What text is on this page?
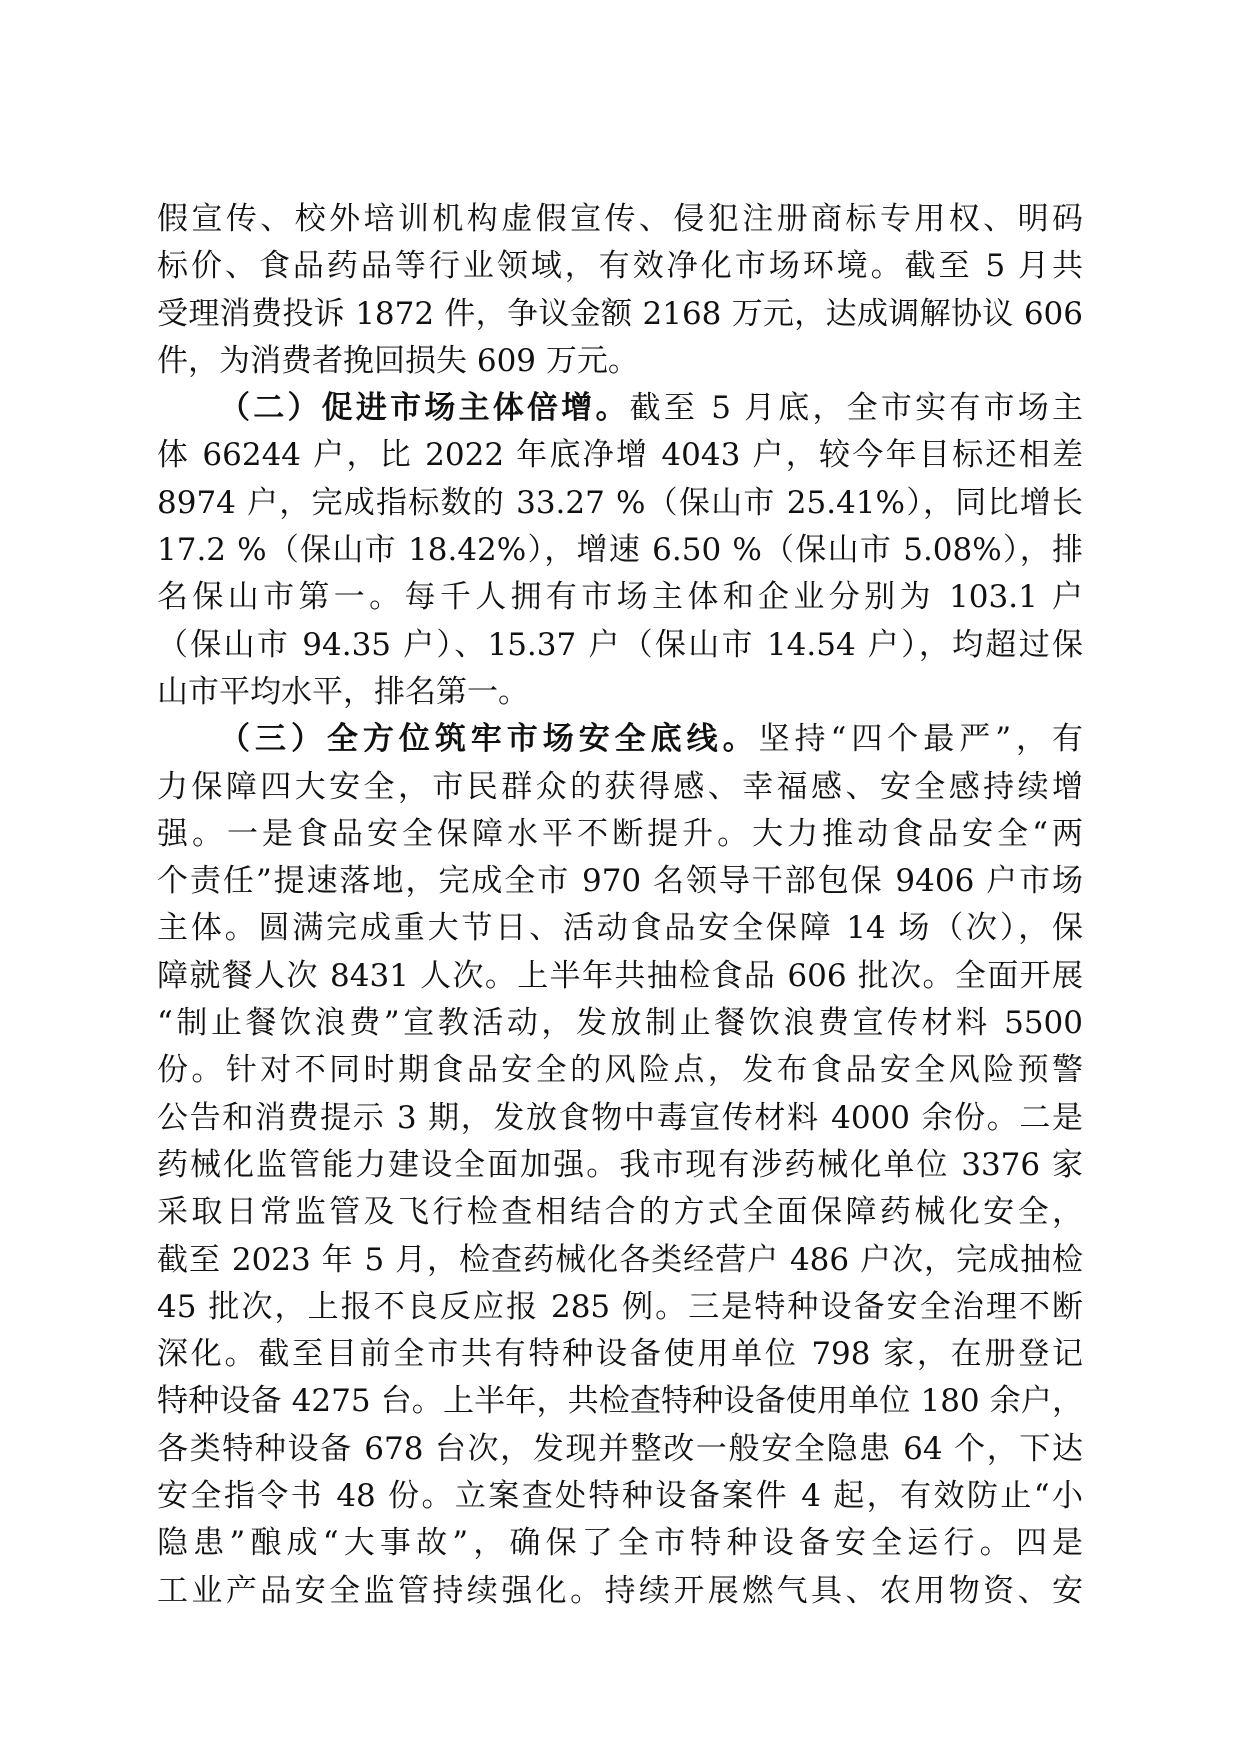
假宣传、校外培训机构虚假宣传、侵犯注册商标专用权、明码
标价、食品药品等行业领域，有效净化市场环境。截至 5 月共
受理消费投诉 1872 件，争议金额 2168 万元，达成调解协议 606
件，为消费者挽回损失 609 万元。
（二）促进市场主体倍增。截至 5 月底，全市实有市场主
体 66244 户，比 2022 年底净增 4043 户，较今年目标还相差
8974 户，完成指标数的 33.27 %（保山市 25.41%），同比增长
17.2 %（保山市 18.42%），增速 6.50 %（保山市 5.08%），排
名保山市第一。每千人拥有市场主体和企业分别为 103.1 户
（保山市 94.35 户）、15.37 户（保山市 14.54 户），均超过保
山市平均水平，排名第一。
（三）全方位筑牢市场安全底线。坚持“四个最严”，有
力保障四大安全，市民群众的获得感、幸福感、安全感持续增
强。一是食品安全保障水平不断提升。大力推动食品安全“两
个责任”提速落地，完成全市 970 名领导干部包保 9406 户市场
主体。圆满完成重大节日、活动食品安全保障 14 场（次），保
障就餐人次 8431 人次。上半年共抽检食品 606 批次。全面开展
“制止餐饮浪费”宣教活动，发放制止餐饮浪费宣传材料 5500
份。针对不同时期食品安全的风险点，发布食品安全风险预警
公告和消费提示 3 期，发放食物中毒宣传材料 4000 余份。二是
药械化监管能力建设全面加强。我市现有涉药械化单位 3376 家
采取日常监管及飞行检查相结合的方式全面保障药械化安全，
截至 2023 年 5 月，检查药械化各类经营户 486 户次，完成抽检
45 批次，上报不良反应报 285 例。三是特种设备安全治理不断
深化。截至目前全市共有特种设备使用单位 798 家，在册登记
特种设备 4275 台。上半年，共检查特种设备使用单位 180 余户，
各类特种设备 678 台次，发现并整改一般安全隐患 64 个，下达
安全指令书 48 份。立案查处特种设备案件 4 起，有效防止“小
隐患”酿成“大事故”，确保了全市特种设备安全运行。四是
工业产品安全监管持续强化。持续开展燃气具、农用物资、安
